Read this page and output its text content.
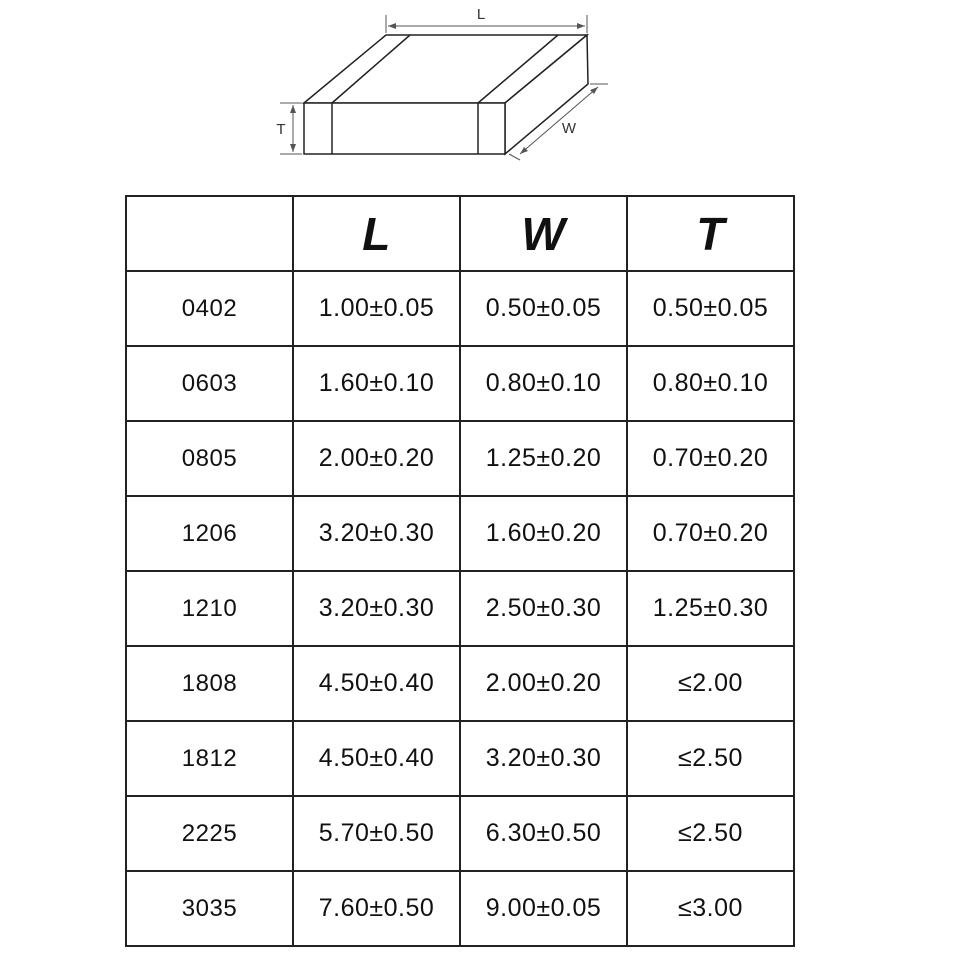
L
T	W
	L	W	T
0402	1.00±0.05	0.50±0.05	0.50±0.05
0603	1.60±0.10	0.80±0.10	0.80±0.10
0805	2.00±0.20	1.25±0.20	0.70±0.20
1206	3.20±0.30	1.60±0.20	0.70±0.20
1210	3.20±0.30	2.50±0.30	1.25±0.30
1808	4.50±0.40	2.00±0.20	≤2.00
1812	4.50±0.40	3.20±0.30	≤2.50
2225	5.70±0.50	6.30±0.50	≤2.50
3035	7.60±0.50	9.00±0.05	≤3.00
